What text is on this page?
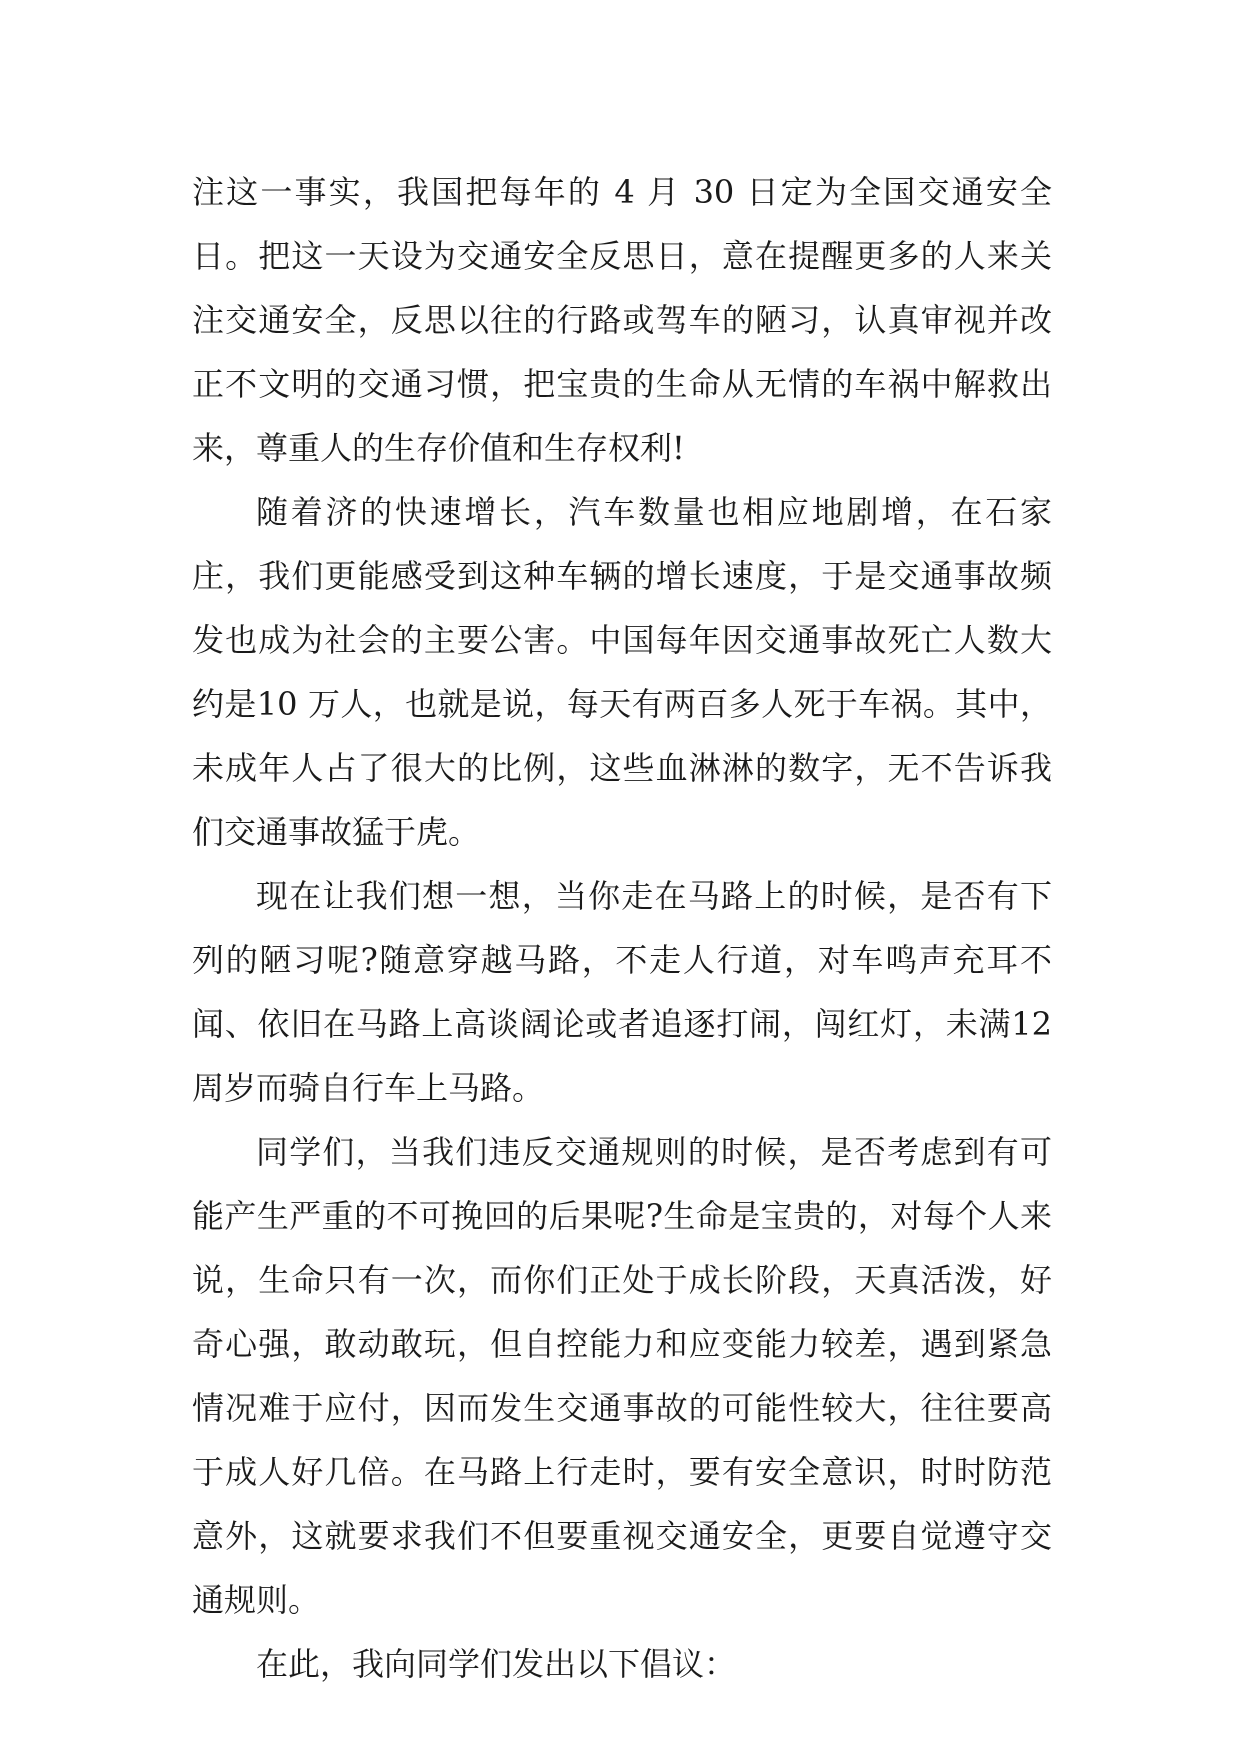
注这一事实，我国把每年的 4 月 30 日定为全国交通安全日。把这一天设为交通安全反思日，意在提醒更多的人来关注交通安全，反思以往的行路或驾车的陋习，认真审视并改正不文明的交通习惯，把宝贵的生命从无情的车祸中解救出来，尊重人的生存价值和生存权利!

随着济的快速增长，汽车数量也相应地剧增，在石家庄，我们更能感受到这种车辆的增长速度，于是交通事故频发也成为社会的主要公害。中国每年因交通事故死亡人数大约是10 万人，也就是说，每天有两百多人死于车祸。其中，未成年人占了很大的比例，这些血淋淋的数字，无不告诉我们交通事故猛于虎。

现在让我们想一想，当你走在马路上的时候，是否有下列的陋习呢?随意穿越马路，不走人行道，对车鸣声充耳不闻、依旧在马路上高谈阔论或者追逐打闹，闯红灯，未满12周岁而骑自行车上马路。

同学们，当我们违反交通规则的时候，是否考虑到有可能产生严重的不可挽回的后果呢?生命是宝贵的，对每个人来说，生命只有一次，而你们正处于成长阶段，天真活泼，好奇心强，敢动敢玩，但自控能力和应变能力较差，遇到紧急情况难于应付，因而发生交通事故的可能性较大，往往要高于成人好几倍。在马路上行走时，要有安全意识，时时防范意外，这就要求我们不但要重视交通安全，更要自觉遵守交通规则。

在此，我向同学们发出以下倡议：
